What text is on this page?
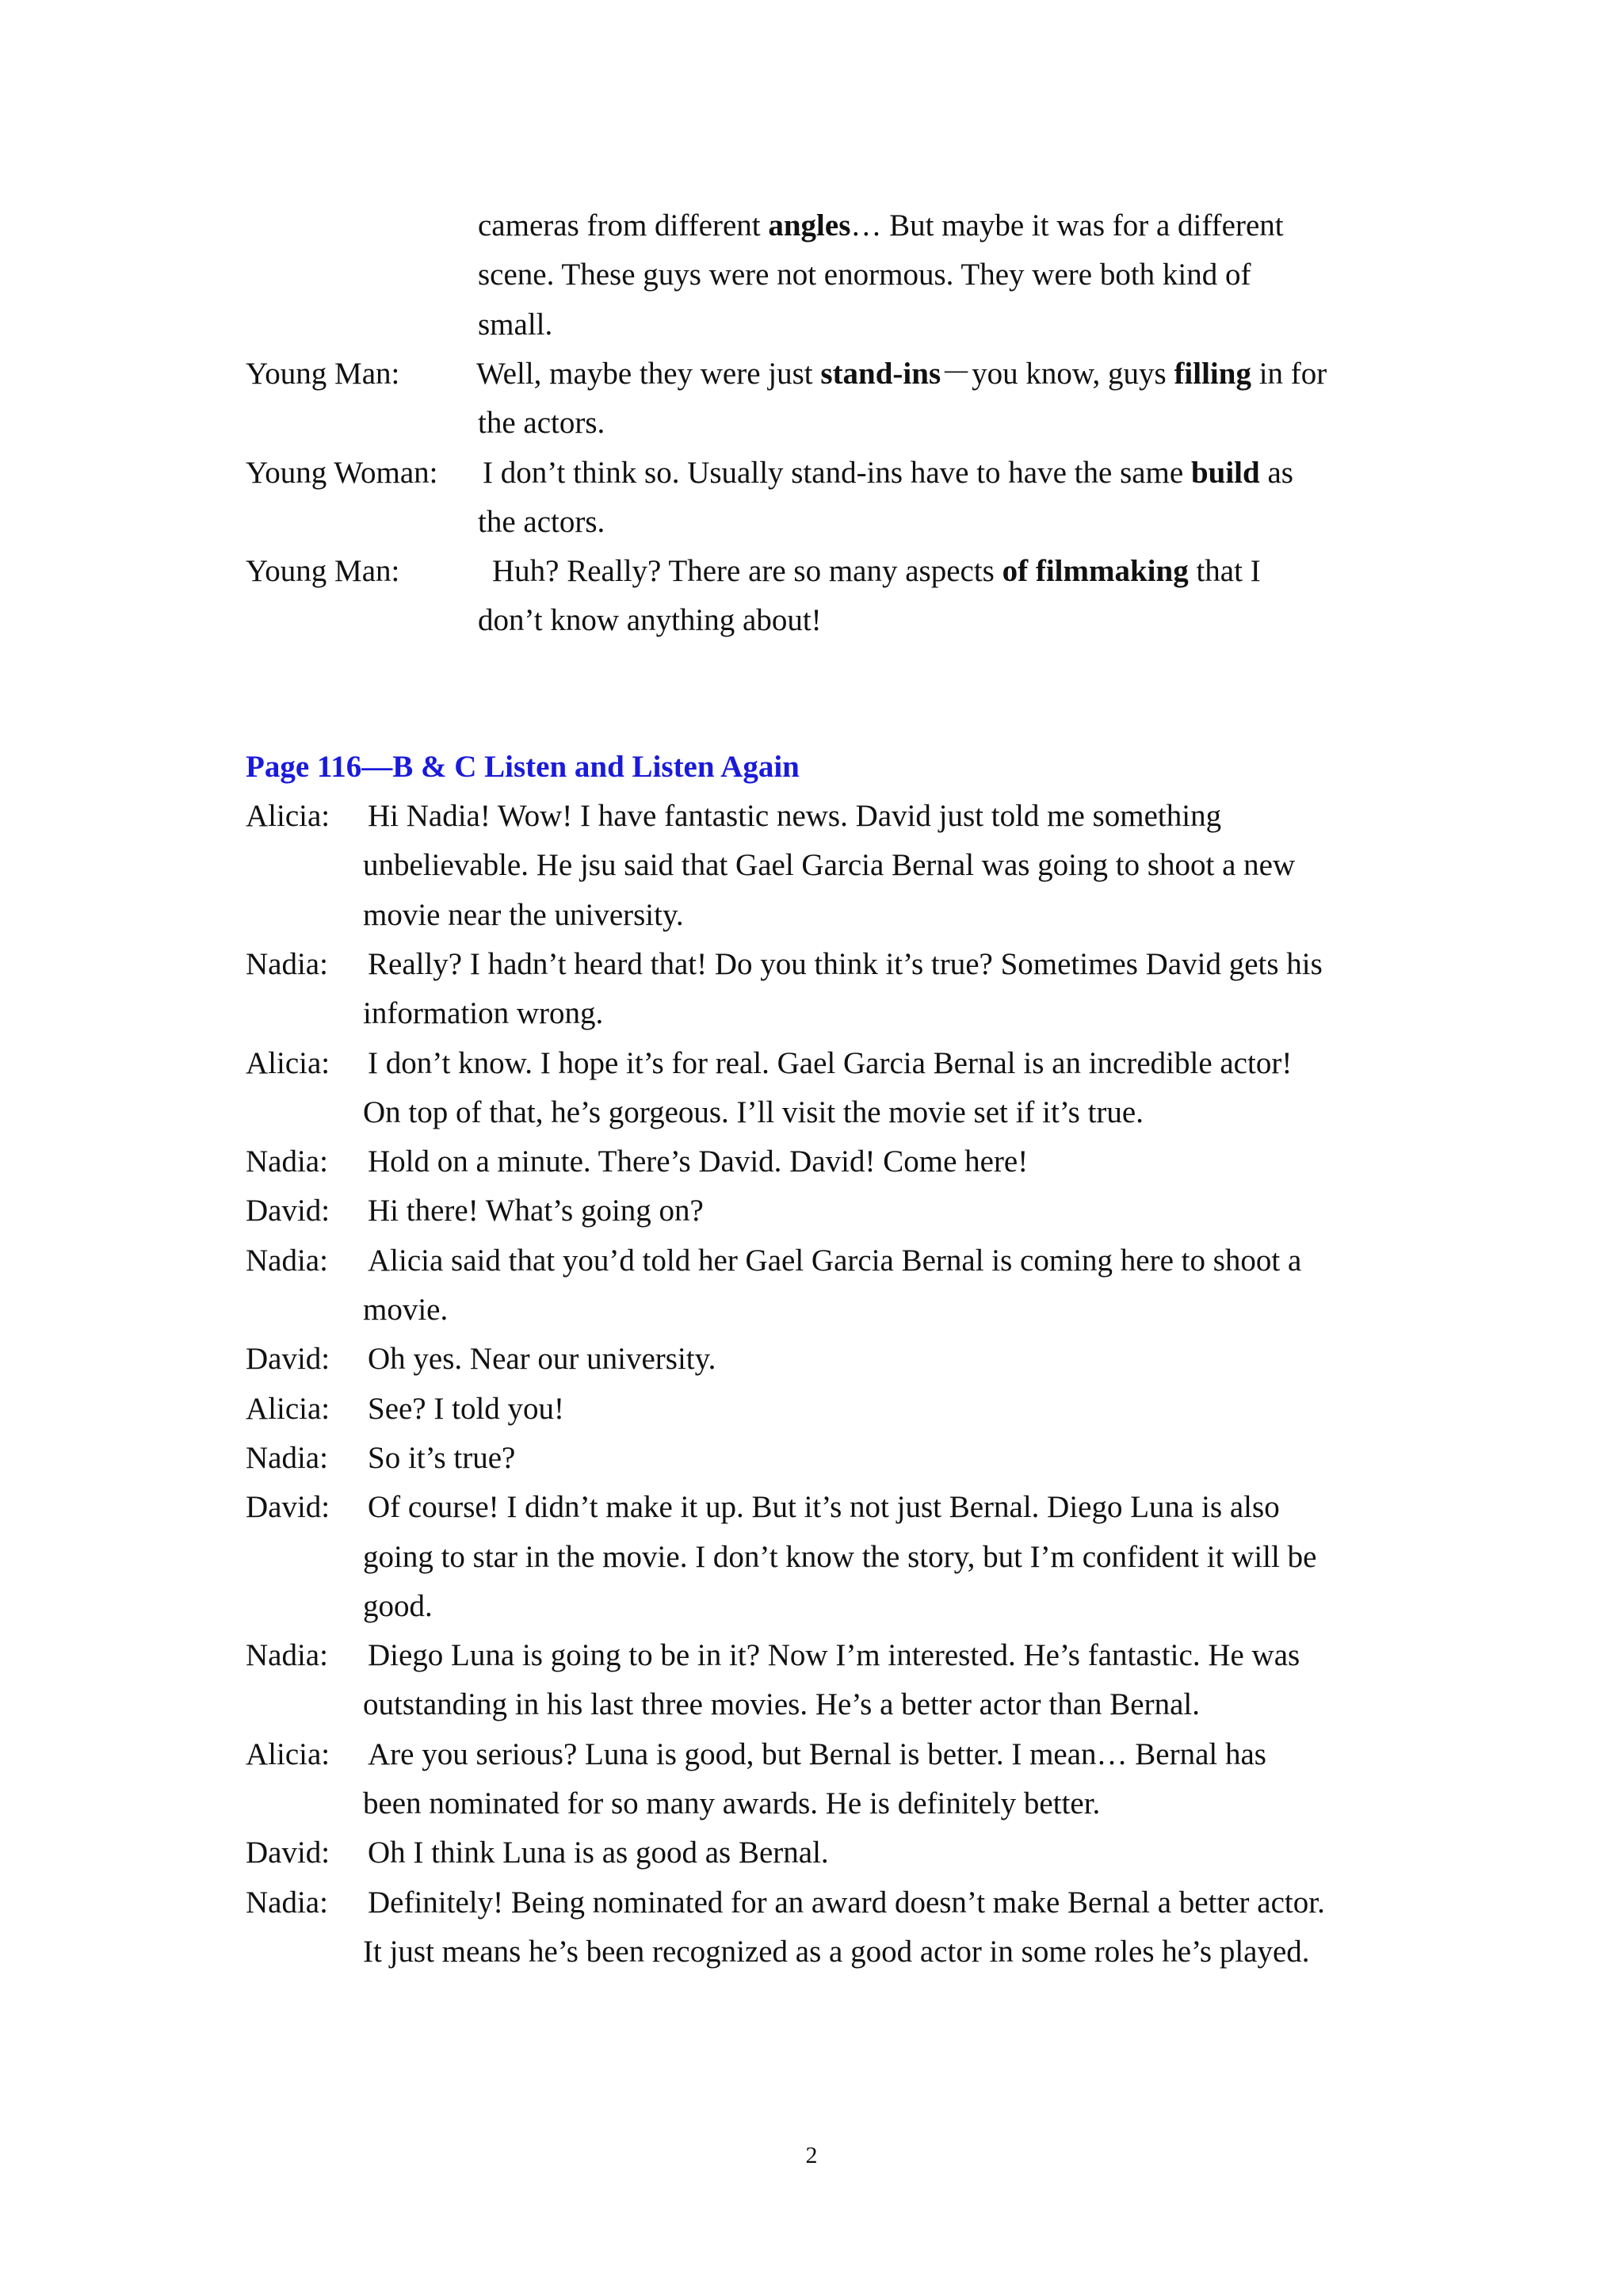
cameras from different angles… But maybe it was for a different
scene. These guys were not enormous. They were both kind of
small.
Young Man: Well, maybe they were just stand-ins－you know, guys filling in for
the actors.
Young Woman: I don’t think so. Usually stand-ins have to have the same build as
the actors.
Young Man:	Huh? Really? There are so many aspects of filmmaking that I
don’t know anything about!
Page 116—B & C Listen and Listen Again
Alicia: Hi Nadia! Wow! I have fantastic news. David just told me something
unbelievable. He jsu said that Gael Garcia Bernal was going to shoot a new
movie near the university.
Nadia: Really? I hadn’t heard that! Do you think it’s true? Sometimes David gets his
information wrong.
Alicia: I don’t know. I hope it’s for real. Gael Garcia Bernal is an incredible actor!
On top of that, he’s gorgeous. I’ll visit the movie set if it’s true.
Nadia: Hold on a minute. There’s David. David! Come here!
David: Hi there! What’s going on?
Nadia: Alicia said that you’d told her Gael Garcia Bernal is coming here to shoot a
movie.
David: Oh yes. Near our university.
Alicia: See? I told you!
Nadia: So it’s true?
David: Of course! I didn’t make it up. But it’s not just Bernal. Diego Luna is also
going to star in the movie. I don’t know the story, but I’m confident it will be
good.
Nadia: Diego Luna is going to be in it? Now I’m interested. He’s fantastic. He was
outstanding in his last three movies. He’s a better actor than Bernal.
Alicia: Are you serious? Luna is good, but Bernal is better. I mean… Bernal has
been nominated for so many awards. He is definitely better.
David: Oh I think Luna is as good as Bernal.
Nadia: Definitely! Being nominated for an award doesn’t make Bernal a better actor.
It just means he’s been recognized as a good actor in some roles he’s played.
2
